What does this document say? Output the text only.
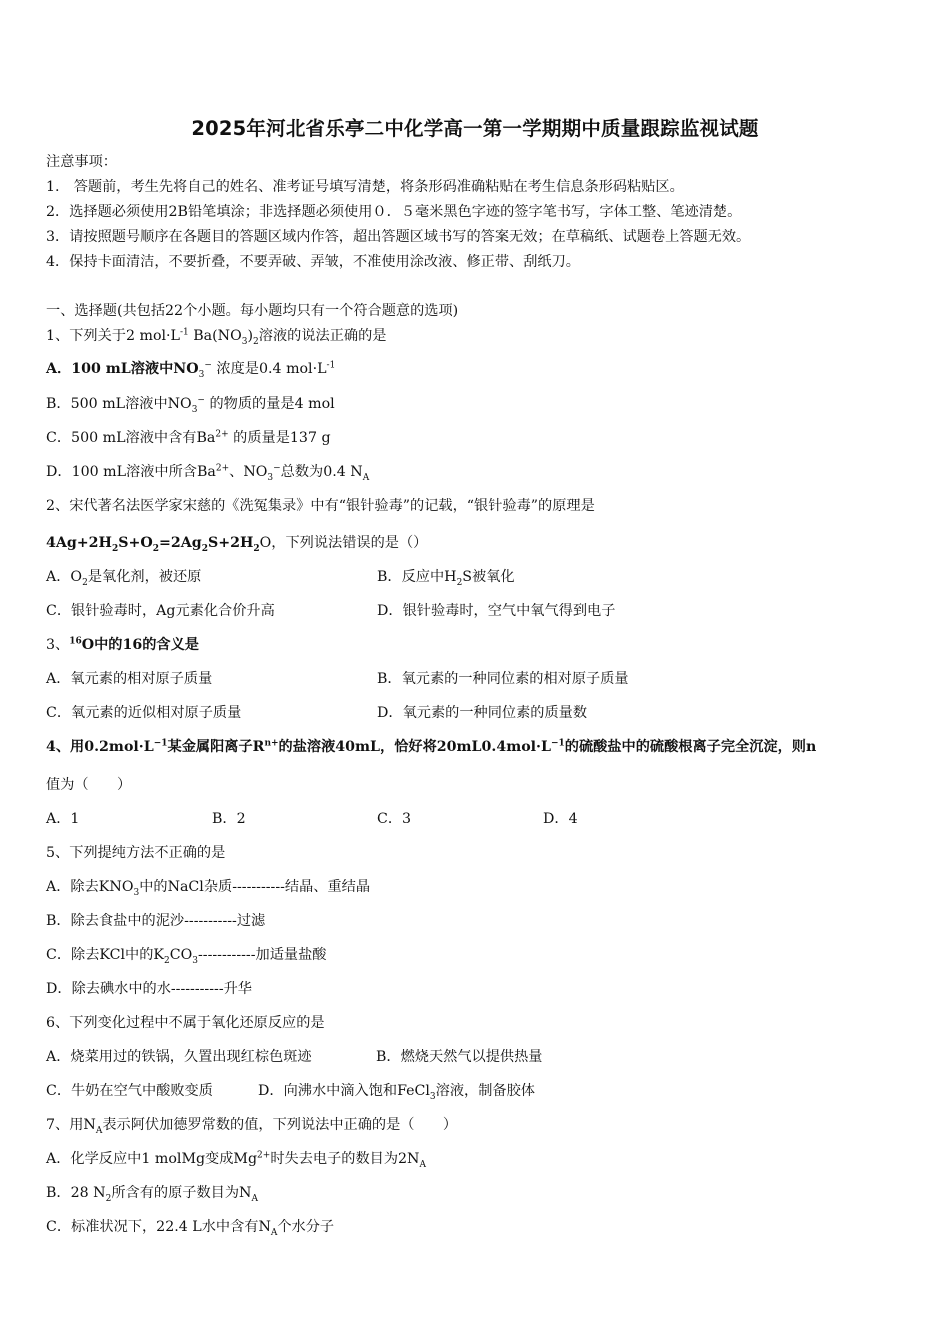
2025年河北省乐亭二中化学高一第一学期期中质量跟踪监视试题
注意事项：
1.　答题前，考生先将自己的姓名、准考证号填写清楚，将条形码准确粘贴在考生信息条形码粘贴区。
2．选择题必须使用2B铅笔填涂；非选择题必须使用０．５毫米黑色字迹的签字笔书写，字体工整、笔迹清楚。
3．请按照题号顺序在各题目的答题区域内作答，超出答题区域书写的答案无效；在草稿纸、试题卷上答题无效。
4．保持卡面清洁，不要折叠，不要弄破、弄皱，不准使用涂改液、修正带、刮纸刀。
一、选择题(共包括22个小题。每小题均只有一个符合题意的选项)
1、下列关于2 $mol\cdot L^{-1}$ $Ba(NO_3)_2$溶液的说法正确的是
A．100 mL溶液中$NO_3^-$ 浓度是0.4 $mol\cdot L^{-1}$
B．500 mL溶液中$NO_3^-$ 的物质的量是4 mol
C．500 mL溶液中含有$Ba^{2+}$ 的质量是137 g
D．100 mL溶液中所含$Ba^{2+}$、$NO_3^-$总数为0.4 $N_A$
2、宋代著名法医学家宋慈的《洗冤集录》中有“银针验毒”的记载，“银针验毒”的原理是
$4Ag+2H_2S+O_2=2Ag_2S+2H_2O$，下列说法错误的是（）
A．$O_2$是氧化剂，被还原	B．反应中$H_2S$被氧化
C．银针验毒时，Ag元素化合价升高	D．银针验毒时，空气中氧气得到电子
3、$^{16}$O中的16的含义是
A．氧元素的相对原子质量	B．氧元素的一种同位素的相对原子质量
C．氧元素的近似相对原子质量	D．氧元素的一种同位素的质量数
4、用$0.2mol\cdot L^{-1}$某金属阳离子$R^{n+}$的盐溶液40mL，恰好将$20mL0.4mol\cdot L^{-1}$的硫酸盐中的硫酸根离子完全沉淀，则n
值为（　　）
A．1	B．2	C．3	D．4
5、下列提纯方法不正确的是
A．除去$KNO_3$中的NaCl杂质-----------结晶、重结晶
B．除去食盐中的泥沙-----------过滤
C．除去KCl中的$K_2CO_3------------$加适量盐酸
D．除去碘水中的水-----------升华
6、下列变化过程中不属于氧化还原反应的是
A．烧菜用过的铁锅，久置出现红棕色斑迹	B．燃烧天然气以提供热量
C．牛奶在空气中酸败变质	D．向沸水中滴入饱和FeCl$_3$溶液，制备胶体
7、用$N_A$表示阿伏加德罗常数的值，下列说法中正确的是（　　）
A．化学反应中1 molMg变成$Mg^{2+}$时失去电子的数目为$2N_A$
B．28 $N_2$所含有的原子数目为$N_A$
C．标准状况下，22.4 L水中含有$N_A$个水分子
